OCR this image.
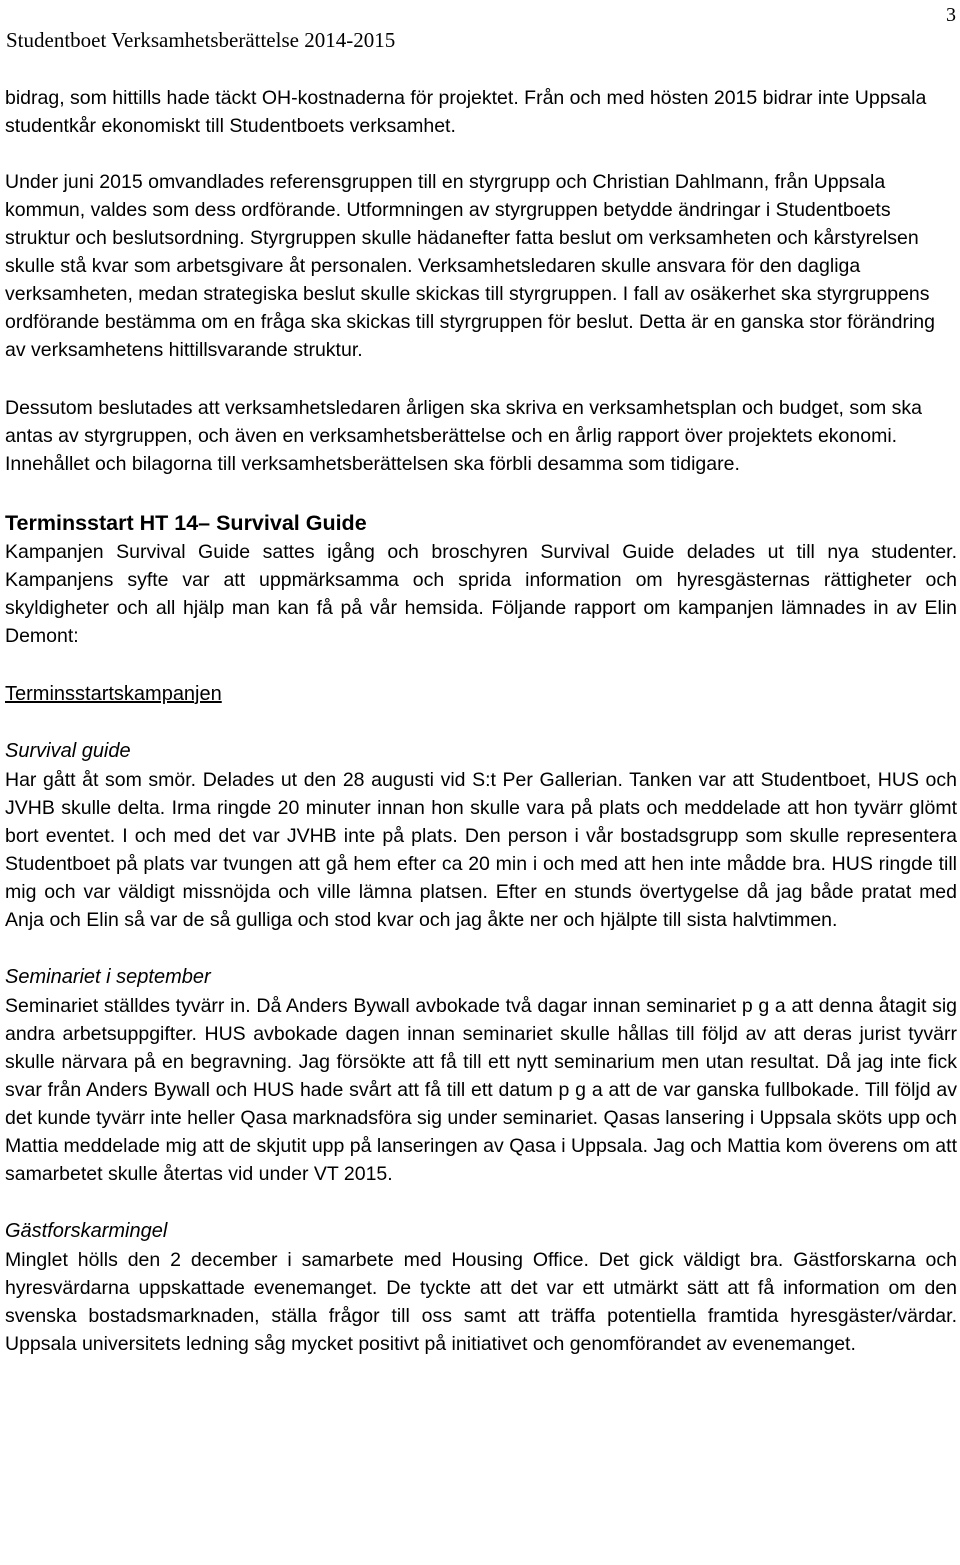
Studentboet Verksamhetsberättelse 2014-2015
3

bidrag, som hittills hade täckt OH-kostnaderna för projektet. Från och med hösten 2015 bidrar inte Uppsala studentkår ekonomiskt till Studentboets verksamhet.

Under juni 2015 omvandlades referensgruppen till en styrgrupp och Christian Dahlmann, från Uppsala kommun, valdes som dess ordförande. Utformningen av styrgruppen betydde ändringar i Studentboets struktur och beslutsordning. Styrgruppen skulle hädanefter fatta beslut om verksamheten och kårstyrelsen skulle stå kvar som arbetsgivare åt personalen. Verksamhetsledaren skulle ansvara för den dagliga verksamheten, medan strategiska beslut skulle skickas till styrgruppen. I fall av osäkerhet ska styrgruppens ordförande bestämma om en fråga ska skickas till styrgruppen för beslut. Detta är en ganska stor förändring av verksamhetens hittillsvarande struktur.

Dessutom beslutades att verksamhetsledaren årligen ska skriva en verksamhetsplan och budget, som ska antas av styrgruppen, och även en verksamhetsberättelse och en årlig rapport över projektets ekonomi. Innehållet och bilagorna till verksamhetsberättelsen ska förbli desamma som tidigare.

Terminsstart HT 14– Survival Guide

Kampanjen Survival Guide sattes igång och broschyren Survival Guide delades ut till nya studenter. Kampanjens syfte var att uppmärksamma och sprida information om hyresgästernas rättigheter och skyldigheter och all hjälp man kan få på vår hemsida. Följande rapport om kampanjen lämnades in av Elin Demont:

Terminsstartskampanjen

Survival guide

Har gått åt som smör. Delades ut den 28 augusti vid S:t Per Gallerian. Tanken var att Studentboet, HUS och JVHB skulle delta. Irma ringde 20 minuter innan hon skulle vara på plats och meddelade att hon tyvärr glömt bort eventet. I och med det var JVHB inte på plats. Den person i vår bostadsgrupp som skulle representera Studentboet på plats var tvungen att gå hem efter ca 20 min i och med att hen inte mådde bra. HUS ringde till mig och var väldigt missnöjda och ville lämna platsen. Efter en stunds övertygelse då jag både pratat med Anja och Elin så var de så gulliga och stod kvar och jag åkte ner och hjälpte till sista halvtimmen.

Seminariet i september

Seminariet ställdes tyvärr in. Då Anders Bywall avbokade två dagar innan seminariet p g a att denna åtagit sig andra arbetsuppgifter. HUS avbokade dagen innan seminariet skulle hållas till följd av att deras jurist tyvärr skulle närvara på en begravning. Jag försökte att få till ett nytt seminarium men utan resultat. Då jag inte fick svar från Anders Bywall och HUS hade svårt att få till ett datum p g a att de var ganska fullbokade. Till följd av det kunde tyvärr inte heller Qasa marknadsföra sig under seminariet. Qasas lansering i Uppsala sköts upp och Mattia meddelade mig att de skjutit upp på lanseringen av Qasa i Uppsala. Jag och Mattia kom överens om att samarbetet skulle återtas vid under VT 2015.

Gästforskarmingel

Minglet hölls den 2 december i samarbete med Housing Office. Det gick väldigt bra. Gästforskarna och hyresvärdarna uppskattade evenemanget. De tyckte att det var ett utmärkt sätt att få information om den svenska bostadsmarknaden, ställa frågor till oss samt att träffa potentiella framtida hyresgäster/värdar. Uppsala universitets ledning såg mycket positivt på initiativet och genomförandet av evenemanget.
